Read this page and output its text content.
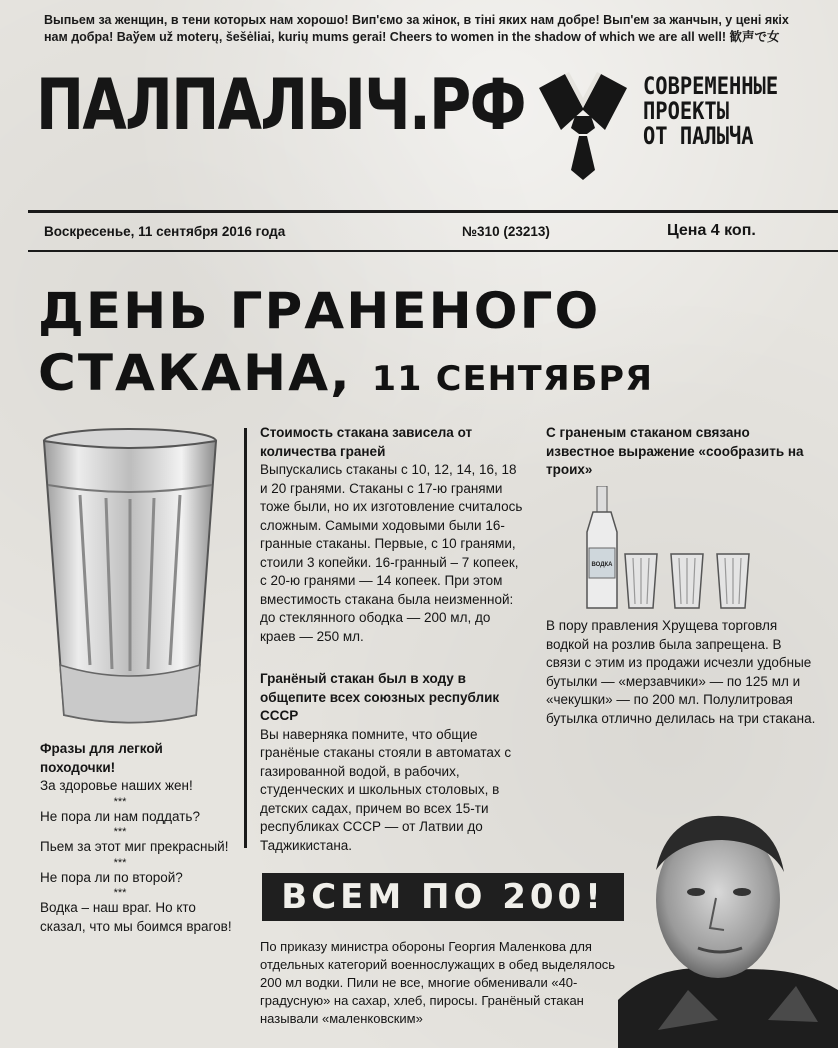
Выпьем за женщин, в тени которых нам хорошо! Вип'ємо за жінок, в тіні яких нам добре! Вып'ем за жанчын, у цені якіх нам добра! Ваўем už moterų, šešėliai, kurių mums gerai! Cheers to women in the shadow of which we are all well! 歓声で女
ПАЛПАЛЫЧ.РФ	СОВРЕМЕННЫЕ
ПРОЕКТЫ
ОТ ПАЛЫЧА
Воскресенье, 11 сентября 2016 года	№310 (23213)	Цена 4 коп.
ДЕНЬ ГРАНЕНОГО
СТАКАНА, 11 СЕНТЯБРЯ
Стоимость стакана зависела от количества граней
Выпускались стаканы с 10, 12, 14, 16, 18 и 20 гранями. Стаканы с 17-ю гранями тоже были, но их изготовление считалось сложным. Самыми ходовыми были 16-гранные стаканы. Первые, с 10 гранями, стоили 3 копейки. 16-гранный – 7 копеек, с 20-ю гранями — 14 копеек. При этом вместимость стакана была неизменной: до стеклянного ободка — 200 мл, до краев — 250 мл.
Гранёный стакан был в ходу в общепите всех союзных республик СССР
Вы наверняка помните, что общие гранёные стаканы стояли в автоматах с газированной водой, в рабочих, студенческих и школьных столовых, в детских садах, причем во всех 15-ти республиках СССР — от Латвии до Таджикистана.
С граненым стаканом связано известное выражение «сообразить на троих»
ВОДКА
В пору правления Хрущева торговля водкой на розлив была запрещена. В связи с этим из продажи исчезли удобные бутылки — «мерзавчики» — по 125 мл и «чекушки» — по 200 мл. Полулитровая бутылка отлично делилась на три стакана.
Фразы для легкой походочки!
За здоровье наших жен!
***
Не пора ли нам поддать?
***
Пьем за этот миг прекрасный!
***
Не пора ли по второй?
***
Водка – наш враг. Но кто сказал, что мы боимся врагов!
ВСЕМ ПО 200!
По приказу министра обороны Георгия Маленкова для отдельных категорий военнослужащих в обед выделялось 200 мл водки. Пили не все, многие обменивали «40-градусную» на сахар, хлеб, пиросы. Гранёный стакан называли «маленковским»
